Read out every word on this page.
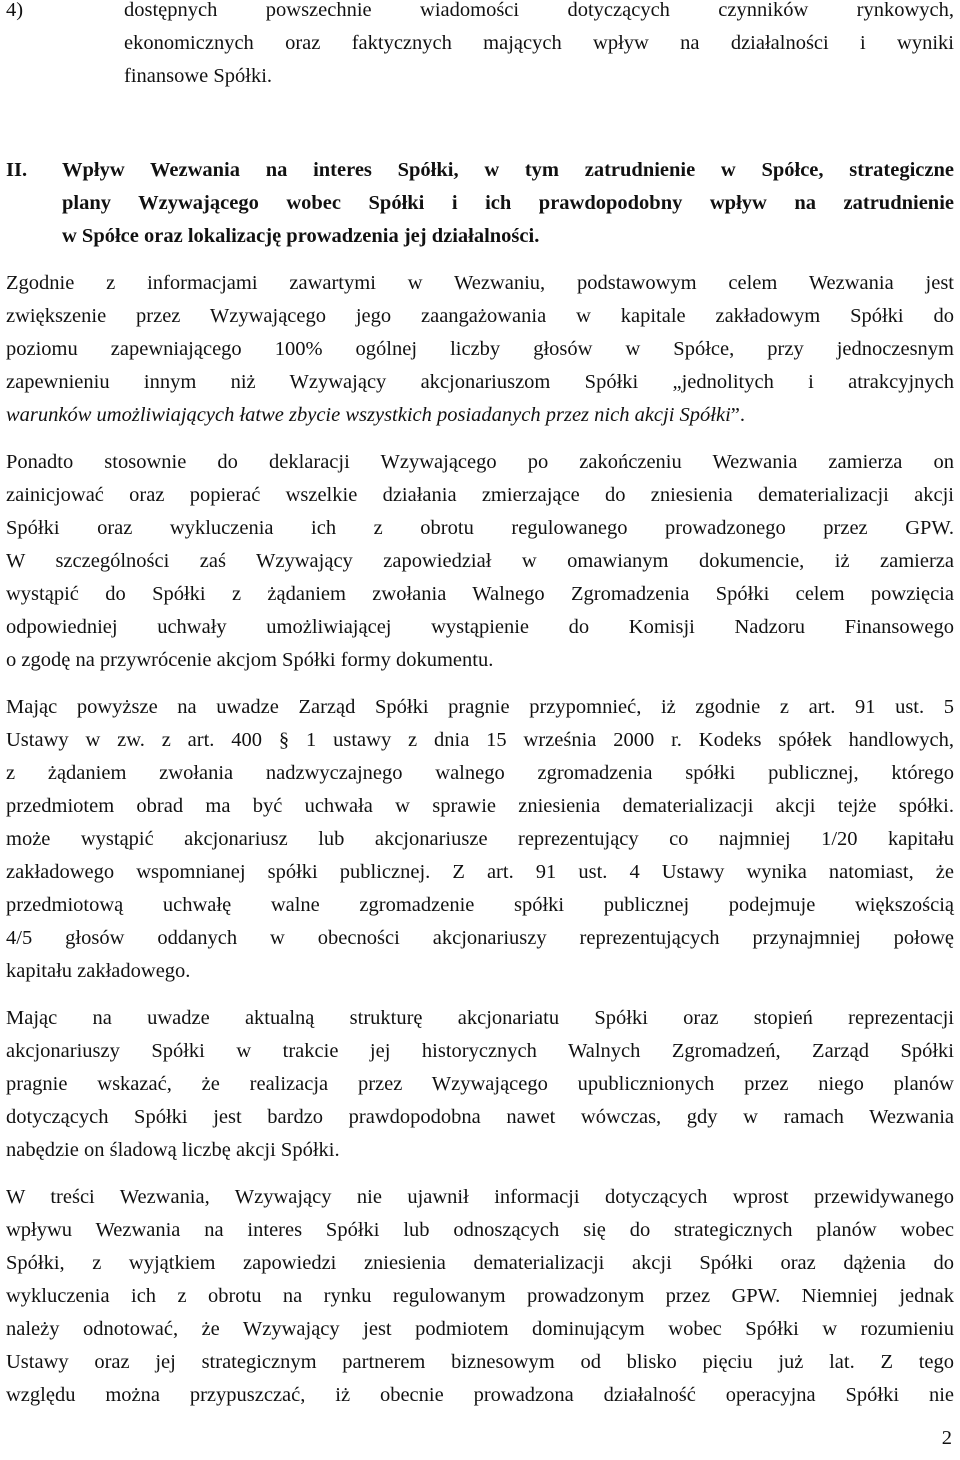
4)	dostępnych powszechnie wiadomości dotyczących czynników rynkowych,
ekonomicznych oraz faktycznych mających wpływ na działalności i wyniki
finansowe Spółki.
II. Wpływ Wezwania na interes Spółki, w tym zatrudnienie w Spółce, strategiczne
plany Wzywającego wobec Spółki i ich prawdopodobny wpływ na zatrudnienie
w Spółce oraz lokalizację prowadzenia jej działalności.
Zgodnie z informacjami zawartymi w Wezwaniu, podstawowym celem Wezwania jest
zwiększenie przez Wzywającego jego zaangażowania w kapitale zakładowym Spółki do
poziomu zapewniającego 100% ogólnej liczby głosów w Spółce, przy jednoczesnym
zapewnieniu innym niż Wzywający akcjonariuszom Spółki „jednolitych i atrakcyjnych
warunków umożliwiających łatwe zbycie wszystkich posiadanych przez nich akcji Spółki”.
Ponadto stosownie do deklaracji Wzywającego po zakończeniu Wezwania zamierza on
zainicjować oraz popierać wszelkie działania zmierzające do zniesienia dematerializacji akcji
Spółki oraz wykluczenia ich z obrotu regulowanego prowadzonego przez GPW.
W szczególności zaś Wzywający zapowiedział w omawianym dokumencie, iż zamierza
wystąpić do Spółki z żądaniem zwołania Walnego Zgromadzenia Spółki celem powzięcia
odpowiedniej uchwały umożliwiającej wystąpienie do Komisji Nadzoru Finansowego
o zgodę na przywrócenie akcjom Spółki formy dokumentu.
Mając powyższe na uwadze Zarząd Spółki pragnie przypomnieć, iż zgodnie z art. 91 ust. 5
Ustawy w zw. z art. 400 § 1 ustawy z dnia 15 września 2000 r. Kodeks spółek handlowych,
z żądaniem zwołania nadzwyczajnego walnego zgromadzenia spółki publicznej, którego
przedmiotem obrad ma być uchwała w sprawie zniesienia dematerializacji akcji tejże spółki.
może wystąpić akcjonariusz lub akcjonariusze reprezentujący co najmniej 1/20 kapitału
zakładowego wspomnianej spółki publicznej. Z art. 91 ust. 4 Ustawy wynika natomiast, że
przedmiotową uchwałę walne zgromadzenie spółki publicznej podejmuje większością
4/5 głosów oddanych w obecności akcjonariuszy reprezentujących przynajmniej połowę
kapitału zakładowego.
Mając na uwadze aktualną strukturę akcjonariatu Spółki oraz stopień reprezentacji
akcjonariuszy Spółki w trakcie jej historycznych Walnych Zgromadzeń, Zarząd Spółki
pragnie wskazać, że realizacja przez Wzywającego upublicznionych przez niego planów
dotyczących Spółki jest bardzo prawdopodobna nawet wówczas, gdy w ramach Wezwania
nabędzie on śladową liczbę akcji Spółki.
W treści Wezwania, Wzywający nie ujawnił informacji dotyczących wprost przewidywanego
wpływu Wezwania na interes Spółki lub odnoszących się do strategicznych planów wobec
Spółki, z wyjątkiem zapowiedzi zniesienia dematerializacji akcji Spółki oraz dążenia do
wykluczenia ich z obrotu na rynku regulowanym prowadzonym przez GPW. Niemniej jednak
należy odnotować, że Wzywający jest podmiotem dominującym wobec Spółki w rozumieniu
Ustawy oraz jej strategicznym partnerem biznesowym od blisko pięciu już lat. Z tego
względu można przypuszczać, iż obecnie prowadzona działalność operacyjna Spółki nie
2
